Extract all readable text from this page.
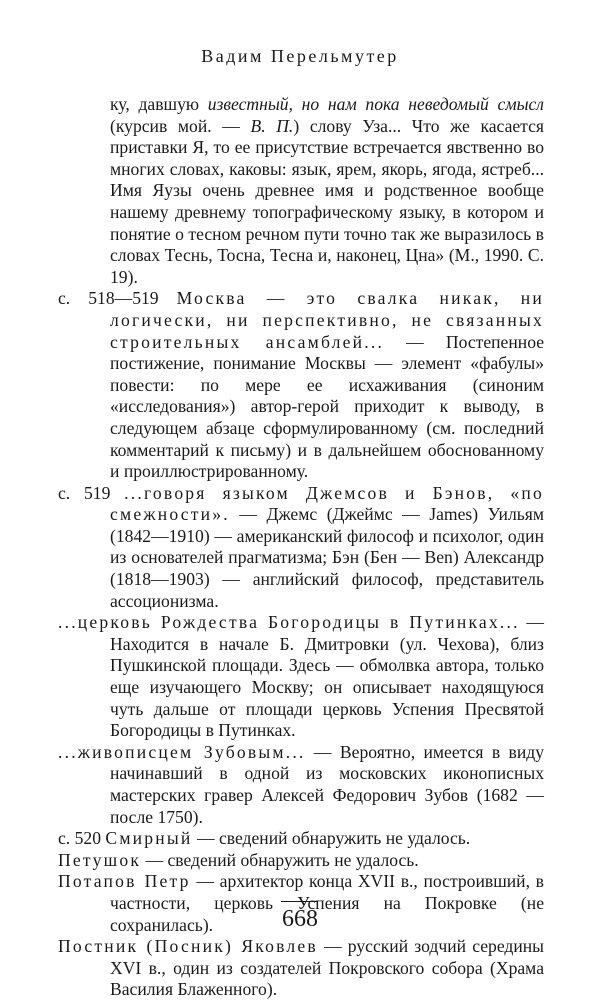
Вадим Перельмутер
ку, давшую известный, но нам пока неведомый смысл (курсив мой. — В. П.) слову Уза... Что же касается приставки Я, то ее присутствие встречается явственно во многих словах, каковы: язык, ярем, якорь, ягода, ястреб... Имя Яузы очень древнее имя и родственное вообще нашему древнему топографическому языку, в котором и понятие о тесном речном пути точно так же выразилось в словах Теснь, Тосна, Тесна и, наконец, Цна» (М., 1990. С. 19).
с. 518—519 Москва — это свалка никак, ни логически, ни перспективно, не связанных строительных ансамблей... — Постепенное постижение, понимание Москвы — элемент «фабулы» повести: по мере ее исхаживания (синоним «исследования») автор-герой приходит к выводу, в следующем абзаце сформулированному (см. последний комментарий к письму) и в дальнейшем обоснованному и проиллюстрированному.
с. 519 ...говоря языком Джемсов и Бэнов, «по смежности». — Джемс (Джеймс — James) Уильям (1842—1910) — американский философ и психолог, один из основателей прагматизма; Бэн (Бен — Ben) Александр (1818—1903) — английский философ, представитель ассоционизма.
...церковь Рождества Богородицы в Путинках... — Находится в начале Б. Дмитровки (ул. Чехова), близ Пушкинской площади. Здесь — обмолвка автора, только еще изучающего Москву; он описывает находящуюся чуть дальше от площади церковь Успения Пресвятой Богородицы в Путинках.
...живописцем Зубовым... — Вероятно, имеется в виду начинавший в одной из московских иконописных мастерских гравер Алексей Федорович Зубов (1682 — после 1750).
с. 520 Смирный — сведений обнаружить не удалось.
Петушок — сведений обнаружить не удалось.
Потапов Петр — архитектор конца XVII в., построивший, в частности, церковь Успения на Покровке (не сохранилась).
Постник (Посник) Яковлев — русский зодчий середины XVI в., один из создателей Покровского собора (Храма Василия Блаженного).
668
